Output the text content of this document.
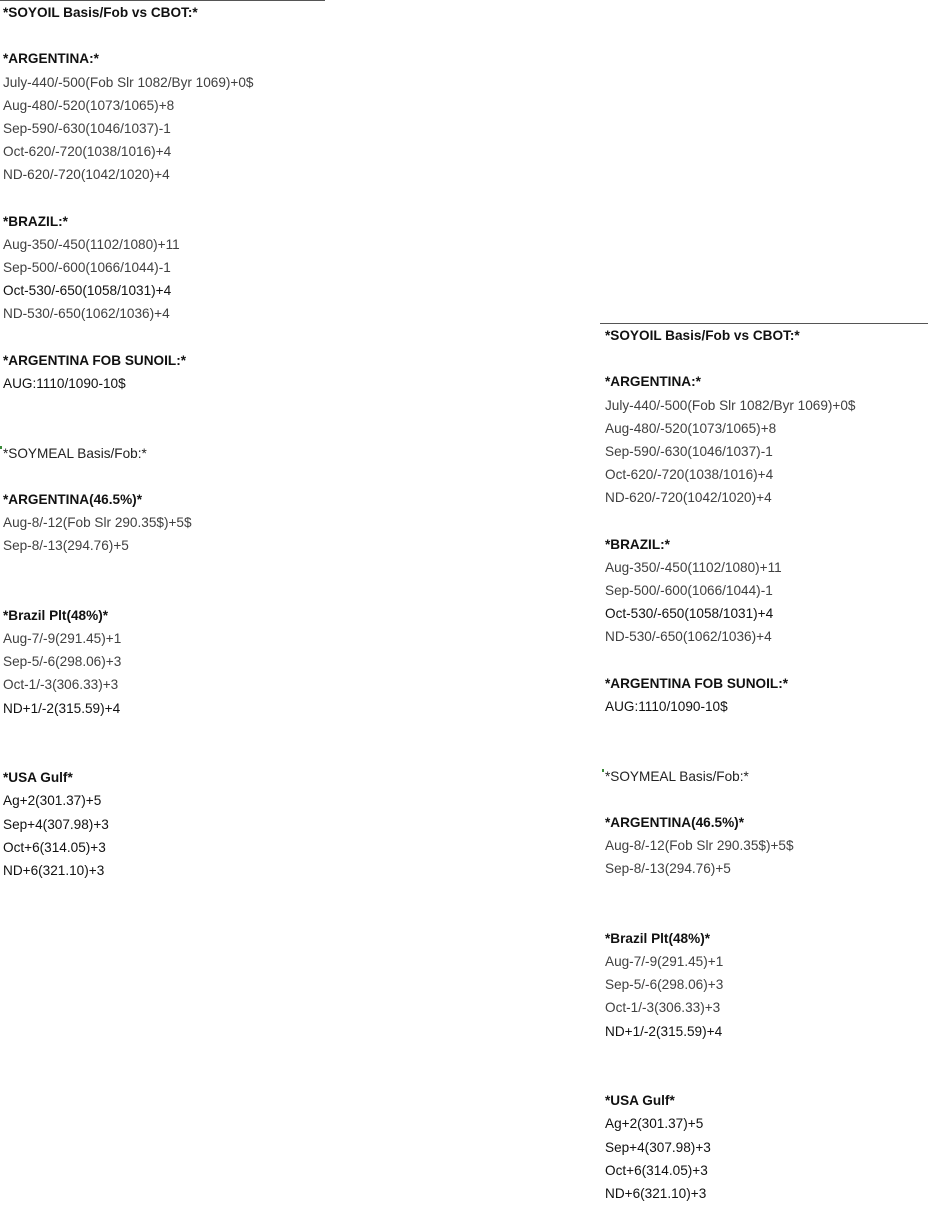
*SOYOIL Basis/Fob vs CBOT:*
*ARGENTINA:*
July-440/-500(Fob Slr 1082/Byr 1069)+0$
Aug-480/-520(1073/1065)+8
Sep-590/-630(1046/1037)-1
Oct-620/-720(1038/1016)+4
ND-620/-720(1042/1020)+4
*BRAZIL:*
Aug-350/-450(1102/1080)+11
Sep-500/-600(1066/1044)-1
Oct-530/-650(1058/1031)+4
ND-530/-650(1062/1036)+4
*ARGENTINA FOB SUNOIL:*
AUG:1110/1090-10$
*SOYMEAL Basis/Fob:*
*ARGENTINA(46.5%)*
Aug-8/-12(Fob Slr 290.35$)+5$
Sep-8/-13(294.76)+5
*Brazil Plt(48%)*
Aug-7/-9(291.45)+1
Sep-5/-6(298.06)+3
Oct-1/-3(306.33)+3
ND+1/-2(315.59)+4
*USA Gulf*
Ag+2(301.37)+5
Sep+4(307.98)+3
Oct+6(314.05)+3
ND+6(321.10)+3
*SOYOIL Basis/Fob vs CBOT:*
*ARGENTINA:*
July-440/-500(Fob Slr 1082/Byr 1069)+0$
Aug-480/-520(1073/1065)+8
Sep-590/-630(1046/1037)-1
Oct-620/-720(1038/1016)+4
ND-620/-720(1042/1020)+4
*BRAZIL:*
Aug-350/-450(1102/1080)+11
Sep-500/-600(1066/1044)-1
Oct-530/-650(1058/1031)+4
ND-530/-650(1062/1036)+4
*ARGENTINA FOB SUNOIL:*
AUG:1110/1090-10$
*SOYMEAL Basis/Fob:*
*ARGENTINA(46.5%)*
Aug-8/-12(Fob Slr 290.35$)+5$
Sep-8/-13(294.76)+5
*Brazil Plt(48%)*
Aug-7/-9(291.45)+1
Sep-5/-6(298.06)+3
Oct-1/-3(306.33)+3
ND+1/-2(315.59)+4
*USA Gulf*
Ag+2(301.37)+5
Sep+4(307.98)+3
Oct+6(314.05)+3
ND+6(321.10)+3
